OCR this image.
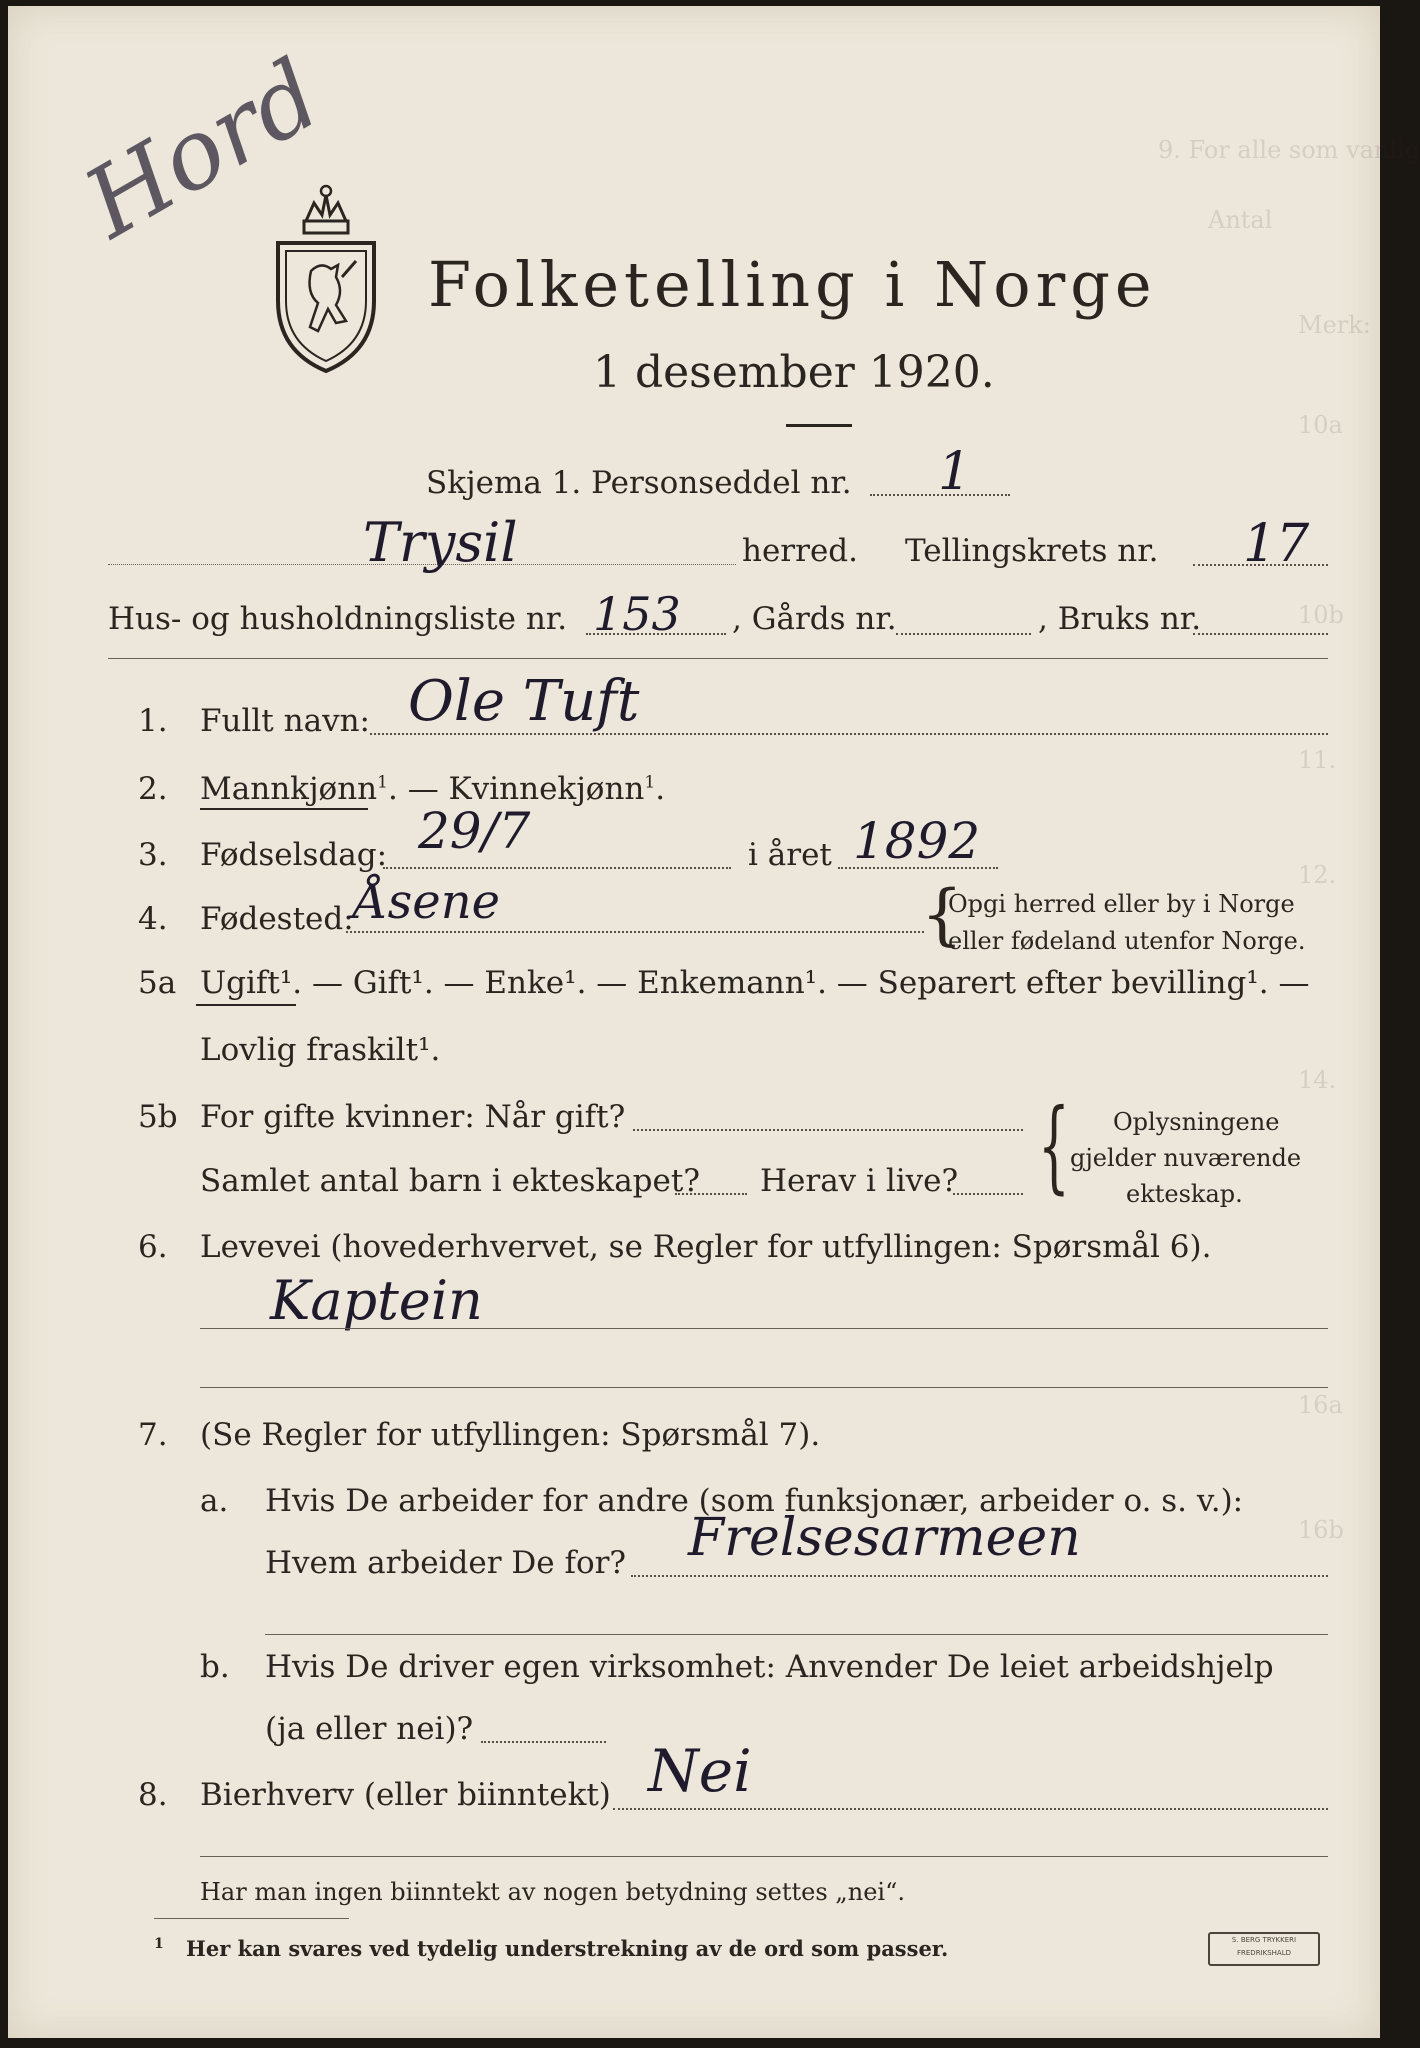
9. For alle som vanlig
Antal
Merk:
10a
10b
11.
12.
14.
16a
16b
Hord
Folketelling i Norge
1 desember 1920.
Skjema 1. Personseddel nr. 1
Trysil	herred. Tellingskrets nr. 17
Hus- og husholdningsliste nr. 153 , Gårds nr.	, Bruks nr.
1. Fullt navn: Ole Tuft
2. Mannkjønn$^1$. — Kvinnekjønn$^1$.
3. Fødselsdag: 29/7	i året 1892
4. Fødested: Åsene	{
Opgi herred eller by i Norge
eller fødeland utenfor Norge.
5a Ugift¹. — Gift¹. — Enke¹. — Enkemann¹. — Separert efter bevilling¹. —
Lovlig fraskilt¹.
5b For gifte kvinner: Når gift?
Samlet antal barn i ekteskapet? Herav i live? { Oplysningene
gjelder nuværende
ekteskap.
6. Levevei (hovederhvervet, se Regler for utfyllingen: Spørsmål 6).
Kaptein
7. (Se Regler for utfyllingen: Spørsmål 7).
a. Hvis De arbeider for andre (som funksjonær, arbeider o. s. v.):
Hvem arbeider De for? Frelsesarmeen
b. Hvis De driver egen virksomhet: Anvender De leiet arbeidshjelp
(ja eller nei)?
8. Bierhverv (eller biinntekt) Nei
Har man ingen biinntekt av nogen betydning settes „nei“.
1 Her kan svares ved tydelig understrekning av de ord som passer.	S. BERG TRYKKERI
FREDRIKSHALD
